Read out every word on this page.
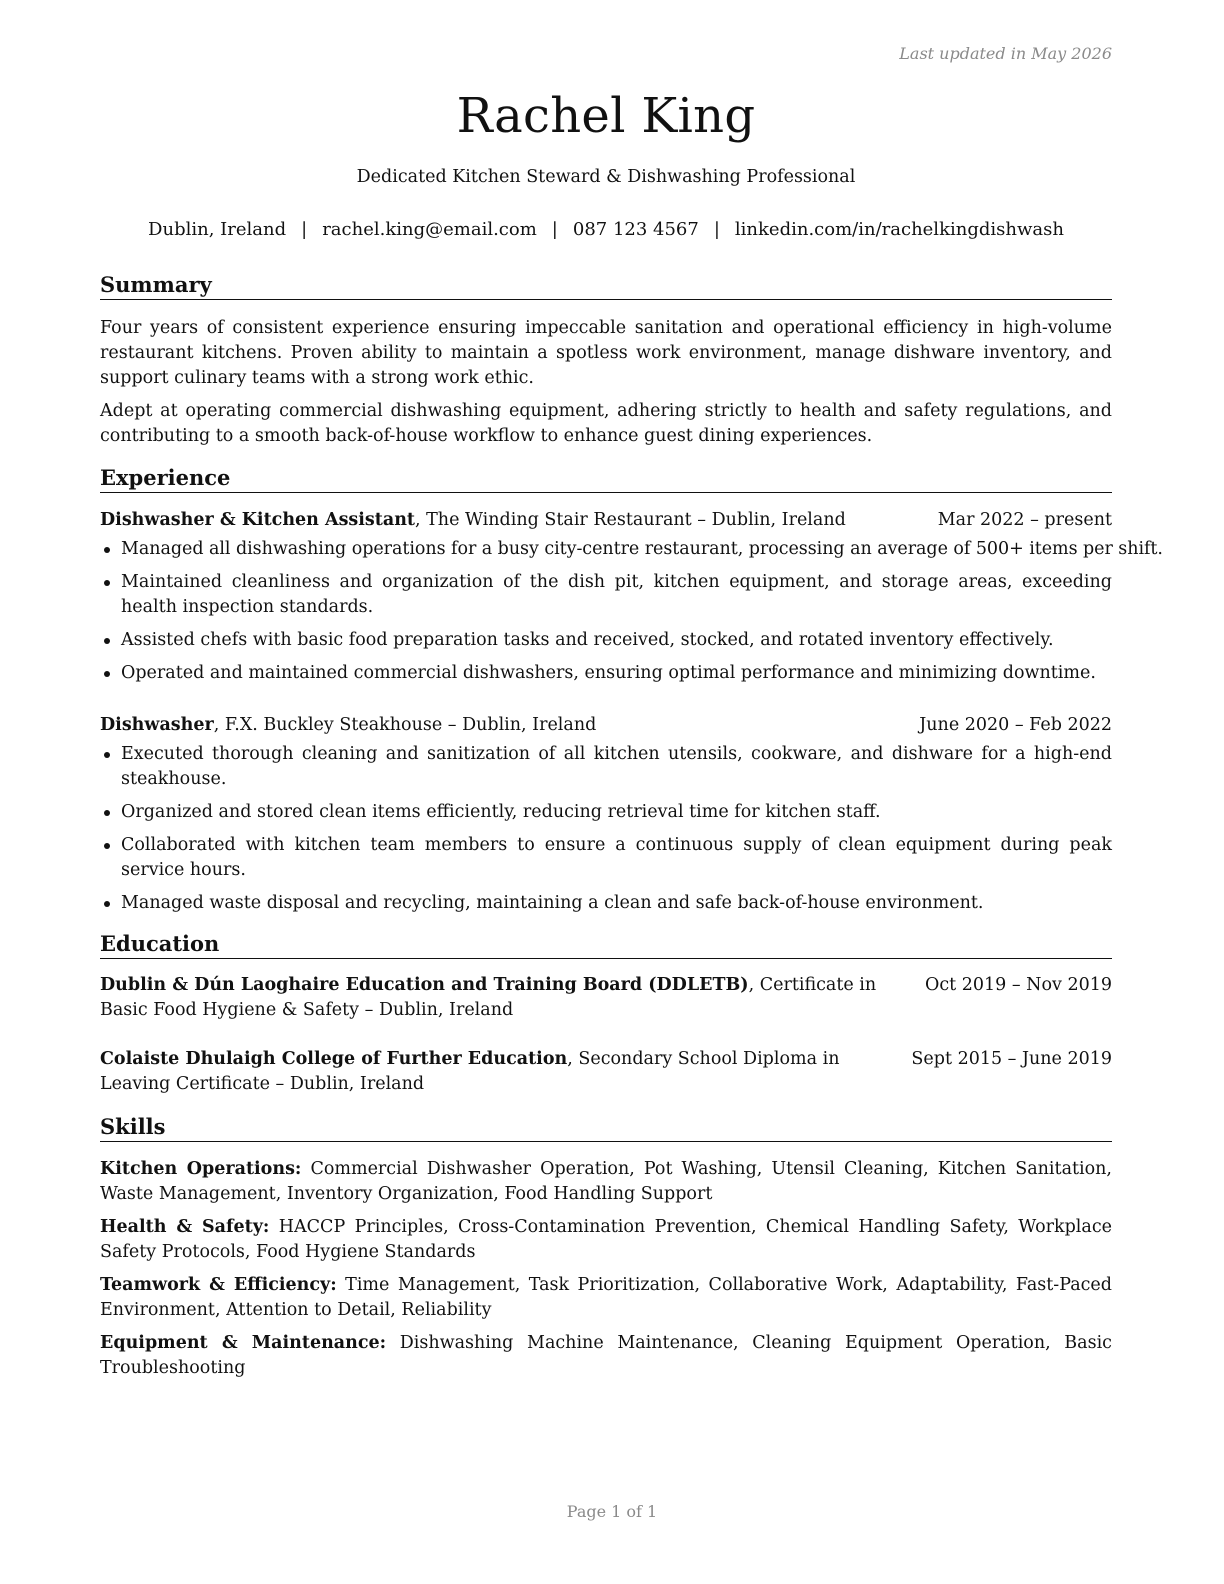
Last updated in May 2026
Rachel King
Dedicated Kitchen Steward & Dishwashing Professional
Dublin, Ireland | rachel.king@email.com | 087 123 4567 | linkedin.com/in/rachelkingdishwash
Summary

Four years of consistent experience ensuring impeccable sanitation and operational efficiency in high-volume restaurant kitchens. Proven ability to maintain a spotless work environment, manage dishware inventory, and support culinary teams with a strong work ethic.

Adept at operating commercial dishwashing equipment, adhering strictly to health and safety regulations, and contributing to a smooth back-of-house workflow to enhance guest dining experiences.

Experience
Dishwasher & Kitchen Assistant, The Winding Stair Restaurant – Dublin, Ireland	Mar 2022 – present
Managed all dishwashing operations for a busy city-centre restaurant, processing an average of 500+ items per shift.
Maintained cleanliness and organization of the dish pit, kitchen equipment, and storage areas, exceeding health inspection standards.
Assisted chefs with basic food preparation tasks and received, stocked, and rotated inventory effectively.
Operated and maintained commercial dishwashers, ensuring optimal performance and minimizing downtime.
Dishwasher, F.X. Buckley Steakhouse – Dublin, Ireland	June 2020 – Feb 2022
Executed thorough cleaning and sanitization of all kitchen utensils, cookware, and dishware for a high-end steakhouse.
Organized and stored clean items efficiently, reducing retrieval time for kitchen staff.
Collaborated with kitchen team members to ensure a continuous supply of clean equipment during peak service hours.
Managed waste disposal and recycling, maintaining a clean and safe back-of-house environment.
Education
Dublin & Dún Laoghaire Education and Training Board (DDLETB), Certificate in Basic Food Hygiene & Safety – Dublin, Ireland
Oct 2019 – Nov 2019
Colaiste Dhulaigh College of Further Education, Secondary School Diploma in Leaving Certificate – Dublin, Ireland
Sept 2015 – June 2019
Skills

Kitchen Operations: Commercial Dishwasher Operation, Pot Washing, Utensil Cleaning, Kitchen Sanitation, Waste Management, Inventory Organization, Food Handling Support

Health & Safety: HACCP Principles, Cross-Contamination Prevention, Chemical Handling Safety, Workplace Safety Protocols, Food Hygiene Standards

Teamwork & Efficiency: Time Management, Task Prioritization, Collaborative Work, Adaptability, Fast-Paced Environment, Attention to Detail, Reliability

Equipment & Maintenance: Dishwashing Machine Maintenance, Cleaning Equipment Operation, Basic Troubleshooting

Page 1 of 1
